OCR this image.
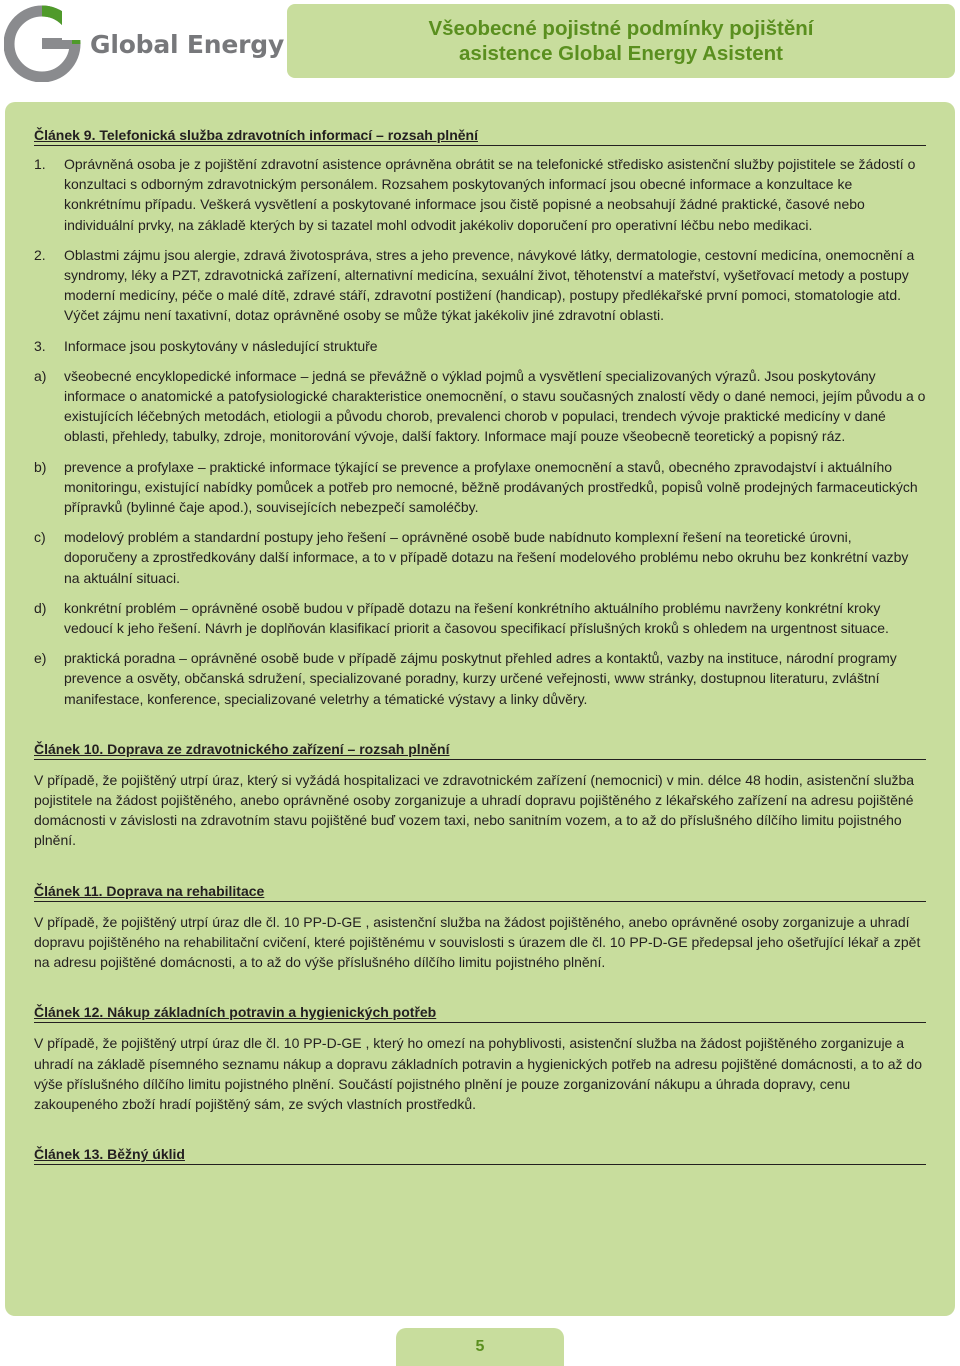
Global Energy
Všeobecné pojistné podmínky pojištění
asistence Global Energy Asistent
Článek 9. Telefonická služba zdravotních informací – rozsah plnění
1.	Oprávněná osoba je z pojištění zdravotní asistence oprávněna obrátit se na telefonické středisko asistenční služby pojistitele se žádostí o konzultaci s odborným zdravotnickým personálem. Rozsahem poskytovaných informací jsou obecné informace a konzultace ke konkrétnímu případu. Veškerá vysvětlení a poskytované informace jsou čistě popisné a neobsahují žádné praktické, časové nebo individuální prvky, na základě kterých by si tazatel mohl odvodit jakékoliv doporučení pro operativní léčbu nebo medikaci.
2.	Oblastmi zájmu jsou alergie, zdravá životospráva, stres a jeho prevence, návykové látky, dermatologie, cestovní medicína, onemocnění a syndromy, léky a PZT, zdravotnická zařízení, alternativní medicína, sexuální život, těhotenství a mateřství, vyšetřovací metody a postupy moderní medicíny, péče o malé dítě, zdravé stáří, zdravotní postižení (handicap), postupy předlékařské první pomoci, stomatologie atd. Výčet zájmu není taxativní, dotaz oprávněné osoby se může týkat jakékoliv jiné zdravotní oblasti.
3.	Informace jsou poskytovány v následující struktuře
a)	všeobecné encyklopedické informace – jedná se převážně o výklad pojmů a vysvětlení specializovaných výrazů. Jsou poskytovány informace o anatomické a patofysiologické charakteristice onemocnění, o stavu současných znalostí vědy o dané nemoci, jejím původu a o existujících léčebných metodách, etiologii a původu chorob, prevalenci chorob v populaci, trendech vývoje praktické medicíny v dané oblasti, přehledy, tabulky, zdroje, monitorování vývoje, další faktory. Informace mají pouze všeobecně teoretický a popisný ráz.
b)	prevence a profylaxe – praktické informace týkající se prevence a profylaxe onemocnění a stavů, obecného zpravodajství i aktuálního monitoringu, existující nabídky pomůcek a potřeb pro nemocné, běžně prodávaných prostředků, popisů volně prodejných farmaceutických přípravků (bylinné čaje apod.), souvisejících nebezpečí samoléčby.
c)	modelový problém a standardní postupy jeho řešení – oprávněné osobě bude nabídnuto komplexní řešení na teoretické úrovni, doporučeny a zprostředkovány další informace, a to v případě dotazu na řešení modelového problému nebo okruhu bez konkrétní vazby na aktuální situaci.
d)	konkrétní problém – oprávněné osobě budou v případě dotazu na řešení konkrétního aktuálního problému navrženy konkrétní kroky vedoucí k jeho řešení. Návrh je doplňován klasifikací priorit a časovou specifikací příslušných kroků s ohledem na urgentnost situace.
e)	praktická poradna – oprávněné osobě bude v případě zájmu poskytnut přehled adres a kontaktů, vazby na instituce, národní programy prevence a osvěty, občanská sdružení, specializované poradny, kurzy určené veřejnosti, www stránky, dostupnou literaturu, zvláštní manifestace, konference, specializované veletrhy a tématické výstavy a linky důvěry.
Článek 10. Doprava ze zdravotnického zařízení – rozsah plnění
V případě, že pojištěný utrpí úraz, který si vyžádá hospitalizaci ve zdravotnickém zařízení (nemocnici) v min. délce 48 hodin, asistenční služba pojistitele na žádost pojištěného, anebo oprávněné osoby zorganizuje a uhradí dopravu pojištěného z lékařského zařízení na adresu pojištěné domácnosti v závislosti na zdravotním stavu pojištěné buď vozem taxi, nebo sanitním vozem, a to až do příslušného dílčího limitu pojistného plnění.
Článek 11. Doprava na rehabilitace
V případě, že pojištěný utrpí úraz dle čl. 10 PP-D-GE , asistenční služba na žádost pojištěného, anebo oprávněné osoby zorganizuje a uhradí dopravu pojištěného na rehabilitační cvičení, které pojištěnému v souvislosti s úrazem dle čl. 10 PP-D-GE předepsal jeho ošetřující lékař a zpět na adresu pojištěné domácnosti, a to až do výše příslušného dílčího limitu pojistného plnění.
Článek 12. Nákup základních potravin a hygienických potřeb
V případě, že pojištěný utrpí úraz dle čl. 10 PP-D-GE , který ho omezí na pohyblivosti, asistenční služba na žádost pojištěného zorganizuje a uhradí na základě písemného seznamu nákup a dopravu základních potravin a hygienických potřeb na adresu pojištěné domácnosti, a to až do výše příslušného dílčího limitu pojistného plnění. Součástí pojistného plnění je pouze zorganizování nákupu a úhrada dopravy, cenu zakoupeného zboží hradí pojištěný sám, ze svých vlastních prostředků.
Článek 13. Běžný úklid
5
